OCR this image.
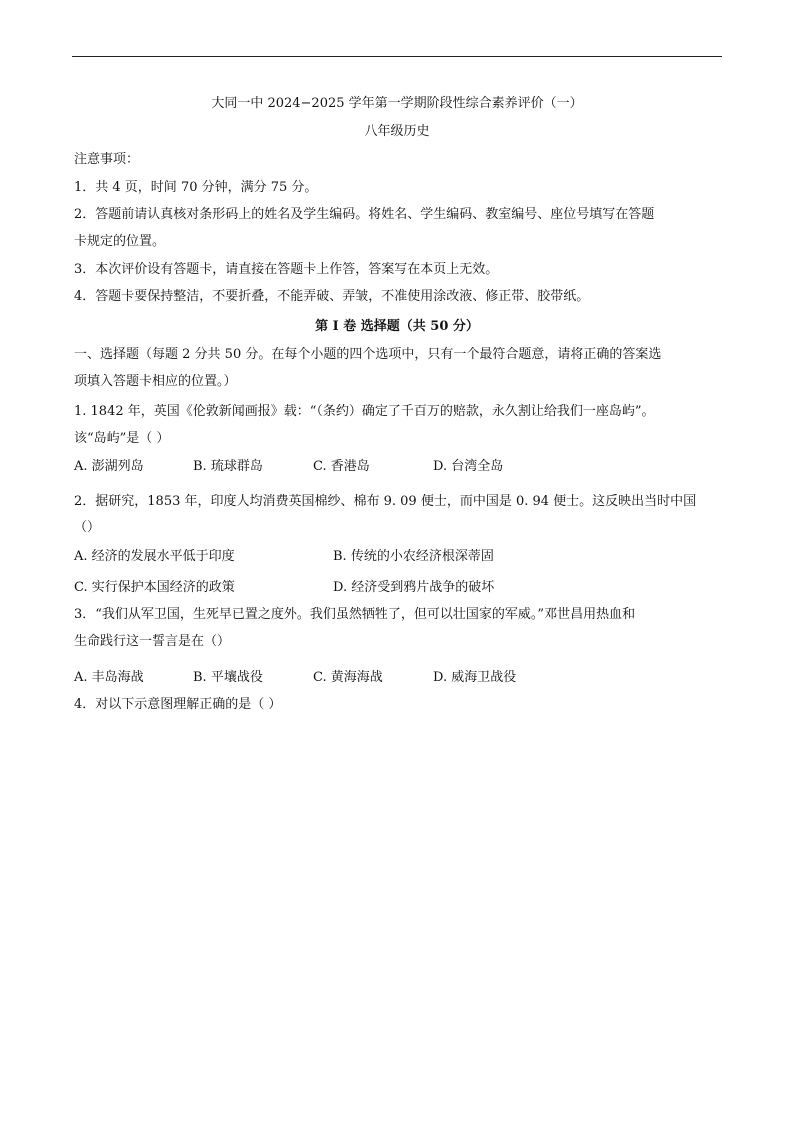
大同一中 2024−2025 学年第一学期阶段性综合素养评价（一）
八年级历史
注意事项：
1．共 4 页，时间 70 分钟，满分 75 分。
2．答题前请认真核对条形码上的姓名及学生编码。将姓名、学生编码、教室编号、座位号填写在答题
卡规定的位置。
3．本次评价设有答题卡，请直接在答题卡上作答，答案写在本页上无效。
4．答题卡要保持整洁，不要折叠，不能弄破、弄皱，不准使用涂改液、修正带、胶带纸。
第 I 卷 选择题（共 50 分）
一、选择题（每题 2 分共 50 分。在每个小题的四个选项中，只有一个最符合题意，请将正确的答案选
项填入答题卡相应的位置。）
1. 1842 年，英国《伦敦新闻画报》载：“（条约）确定了千百万的赔款，永久割让给我们一座岛屿”。
该“岛屿”是（ ）
A. 澎湖列岛	B. 琉球群岛	C. 香港岛	D. 台湾全岛
2．据研究，1853 年，印度人均消费英国棉纱、棉布 9. 09 便士，而中国是 0. 94 便士。这反映出当时中国
（）
A. 经济的发展水平低于印度	B. 传统的小农经济根深蒂固
C. 实行保护本国经济的政策	D. 经济受到鸦片战争的破坏
3．“我们从军卫国，生死早已置之度外。我们虽然牺牲了，但可以壮国家的军威。”邓世昌用热血和
生命践行这一誓言是在（）
A. 丰岛海战	B. 平壤战役	C. 黄海海战	D. 威海卫战役
4．对以下示意图理解正确的是（ ）
